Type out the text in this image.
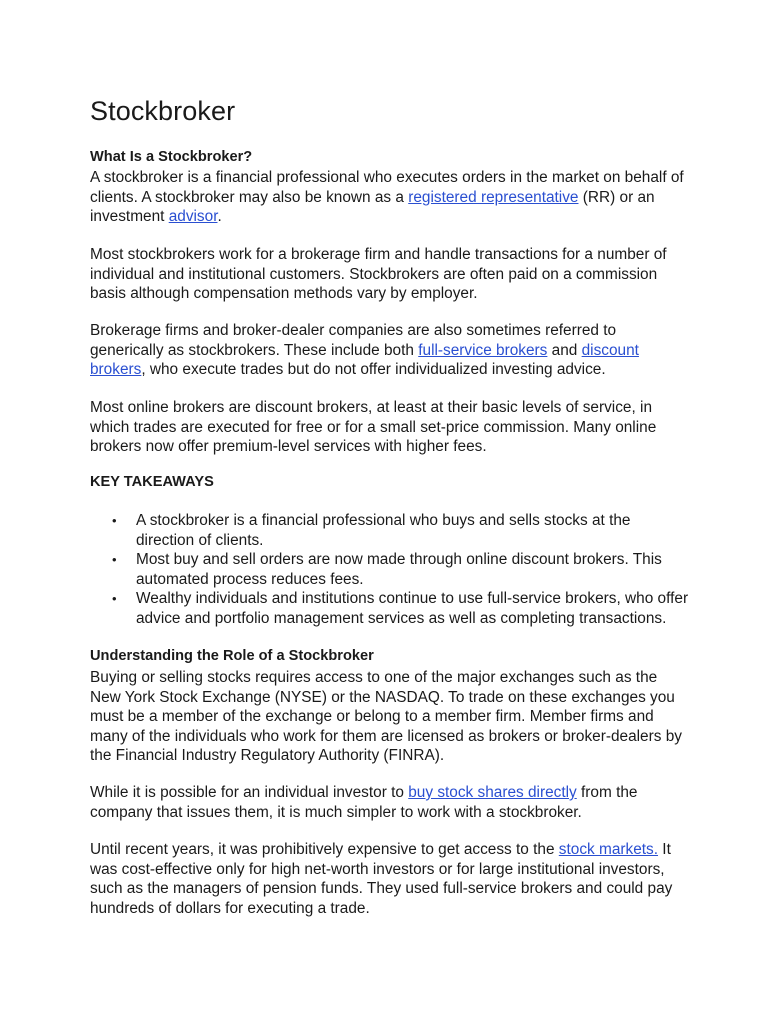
Stockbroker
What Is a Stockbroker?

A stockbroker is a financial professional who executes orders in the market on behalf of clients. A stockbroker may also be known as a registered representative (RR) or an investment advisor.

Most stockbrokers work for a brokerage firm and handle transactions for a number of individual and institutional customers. Stockbrokers are often paid on a commission basis although compensation methods vary by employer.

Brokerage firms and broker-dealer companies are also sometimes referred to generically as stockbrokers. These include both full-service brokers and discount brokers, who execute trades but do not offer individualized investing advice.

Most online brokers are discount brokers, at least at their basic levels of service, in which trades are executed for free or for a small set-price commission. Many online brokers now offer premium-level services with higher fees.

KEY TAKEAWAYS
• A stockbroker is a financial professional who buys and sells stocks at the direction of clients.
• Most buy and sell orders are now made through online discount brokers. This automated process reduces fees.
• Wealthy individuals and institutions continue to use full-service brokers, who offer advice and portfolio management services as well as completing transactions.
Understanding the Role of a Stockbroker

Buying or selling stocks requires access to one of the major exchanges such as the New York Stock Exchange (NYSE) or the NASDAQ. To trade on these exchanges you must be a member of the exchange or belong to a member firm. Member firms and many of the individuals who work for them are licensed as brokers or broker-dealers by the Financial Industry Regulatory Authority (FINRA).

While it is possible for an individual investor to buy stock shares directly from the company that issues them, it is much simpler to work with a stockbroker.

Until recent years, it was prohibitively expensive to get access to the stock markets. It was cost-effective only for high net-worth investors or for large institutional investors, such as the managers of pension funds. They used full-service brokers and could pay hundreds of dollars for executing a trade.
